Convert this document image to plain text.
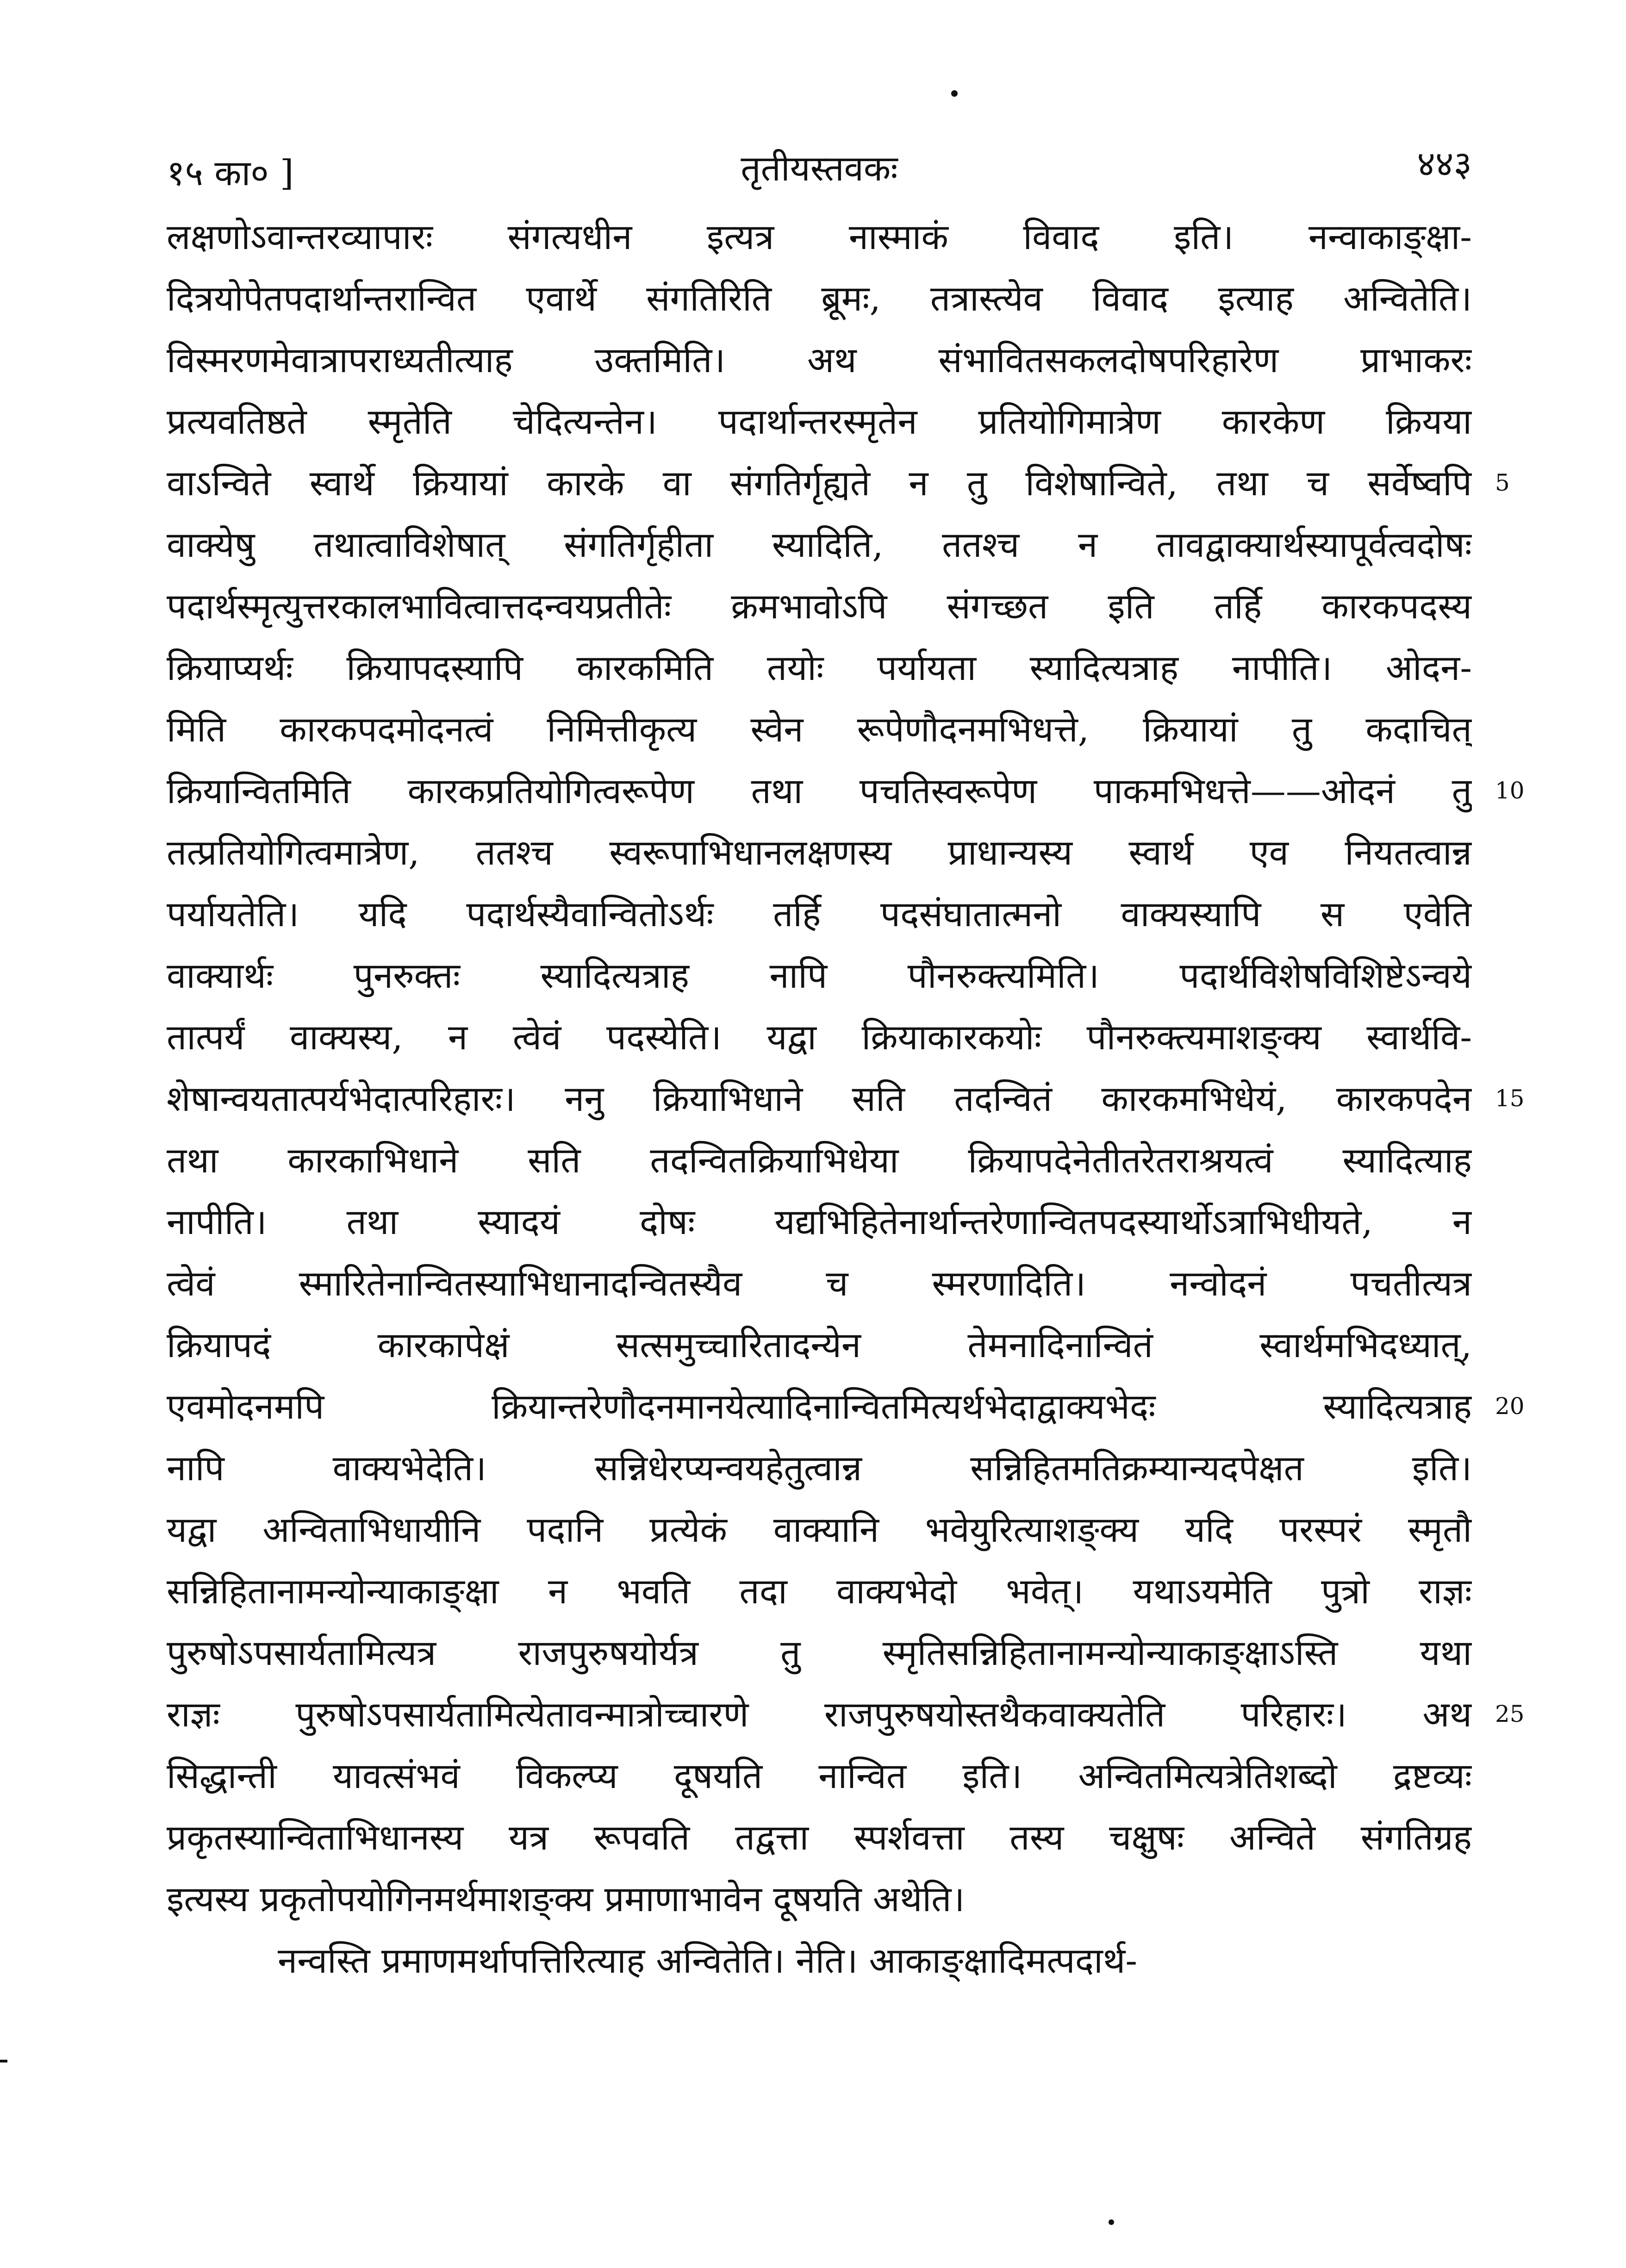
१५ का० ]	तृतीयस्तवकः	४४३
लक्षणोऽवान्तरव्यापारः संगत्यधीन इत्यत्र नास्माकं विवाद इति। नन्वाकाङ्क्षा-
दित्रयोपेतपदार्थान्तरान्वित एवार्थे संगतिरिति ब्रूमः, तत्रास्त्येव विवाद इत्याह अन्वितेति।
विस्मरणमेवात्रापराध्यतीत्याह उक्तमिति। अथ संभावितसकलदोषपरिहारेण प्राभाकरः
प्रत्यवतिष्ठते स्मृतेति चेदित्यन्तेन। पदार्थान्तरस्मृतेन प्रतियोगिमात्रेण कारकेण क्रियया
वाऽन्विते स्वार्थे क्रियायां कारके वा संगतिर्गृह्यते न तु विशेषान्विते, तथा च सर्वेष्वपि
वाक्येषु तथात्वाविशेषात् संगतिर्गृहीता स्यादिति, ततश्च न तावद्वाक्यार्थस्यापूर्वत्वदोषः
पदार्थस्मृत्युत्तरकालभावित्वात्तदन्वयप्रतीतेः क्रमभावोऽपि संगच्छत इति तर्हि कारकपदस्य
क्रियाप्यर्थः क्रियापदस्यापि कारकमिति तयोः पर्यायता स्यादित्यत्राह नापीति। ओदन-
मिति कारकपदमोदनत्वं निमित्तीकृत्य स्वेन रूपेणौदनमभिधत्ते, क्रियायां तु कदाचित्
क्रियान्वितमिति कारकप्रतियोगित्वरूपेण तथा पचतिस्वरूपेण पाकमभिधत्ते——ओदनं तु
तत्प्रतियोगित्वमात्रेण, ततश्च स्वरूपाभिधानलक्षणस्य प्राधान्यस्य स्वार्थ एव नियतत्वान्न
पर्यायतेति। यदि पदार्थस्यैवान्वितोऽर्थः तर्हि पदसंघातात्मनो वाक्यस्यापि स एवेति
वाक्यार्थः पुनरुक्तः स्यादित्यत्राह नापि पौनरुक्त्यमिति। पदार्थविशेषविशिष्टेऽन्वये
तात्पर्यं वाक्यस्य, न त्वेवं पदस्येति। यद्वा क्रियाकारकयोः पौनरुक्त्यमाशङ्क्य स्वार्थवि-
शेषान्वयतात्पर्यभेदात्परिहारः। ननु क्रियाभिधाने सति तदन्वितं कारकमभिधेयं, कारकपदेन
तथा कारकाभिधाने सति तदन्वितक्रियाभिधेया क्रियापदेनेतीतरेतराश्रयत्वं स्यादित्याह
नापीति। तथा स्यादयं दोषः यद्यभिहितेनार्थान्तरेणान्वितपदस्यार्थोऽत्राभिधीयते, न
त्वेवं स्मारितेनान्वितस्याभिधानादन्वितस्यैव च स्मरणादिति। नन्वोदनं पचतीत्यत्र
क्रियापदं कारकापेक्षं सत्समुच्चारितादन्येन तेमनादिनान्वितं स्वार्थमभिदध्यात्,
एवमोदनमपि क्रियान्तरेणौदनमानयेत्यादिनान्वितमित्यर्थभेदाद्वाक्यभेदः स्यादित्यत्राह
नापि वाक्यभेदेति। सन्निधेरप्यन्वयहेतुत्वान्न सन्निहितमतिक्रम्यान्यदपेक्षत इति।
यद्वा अन्विताभिधायीनि पदानि प्रत्येकं वाक्यानि भवेयुरित्याशङ्क्य यदि परस्परं स्मृतौ
सन्निहितानामन्योन्याकाङ्क्षा न भवति तदा वाक्यभेदो भवेत्। यथाऽयमेति पुत्रो राज्ञः
पुरुषोऽपसार्यतामित्यत्र राजपुरुषयोर्यत्र तु स्मृतिसन्निहितानामन्योन्याकाङ्क्षाऽस्ति यथा
राज्ञः पुरुषोऽपसार्यतामित्येतावन्मात्रोच्चारणे राजपुरुषयोस्तथैकवाक्यतेति परिहारः। अथ
सिद्धान्ती यावत्संभवं विकल्प्य दूषयति नान्वित इति। अन्वितमित्यत्रेतिशब्दो द्रष्टव्यः
प्रकृतस्यान्विताभिधानस्य यत्र रूपवति तद्वत्ता स्पर्शवत्ता तस्य चक्षुषः अन्विते संगतिग्रह
इत्यस्य प्रकृतोपयोगिनमर्थमाशङ्क्य प्रमाणाभावेन दूषयति अथेति।
नन्वस्ति प्रमाणमर्थापत्तिरित्याह अन्वितेति। नेति। आकाङ्क्षादिमत्पदार्थ-
5
10
15
20
25
